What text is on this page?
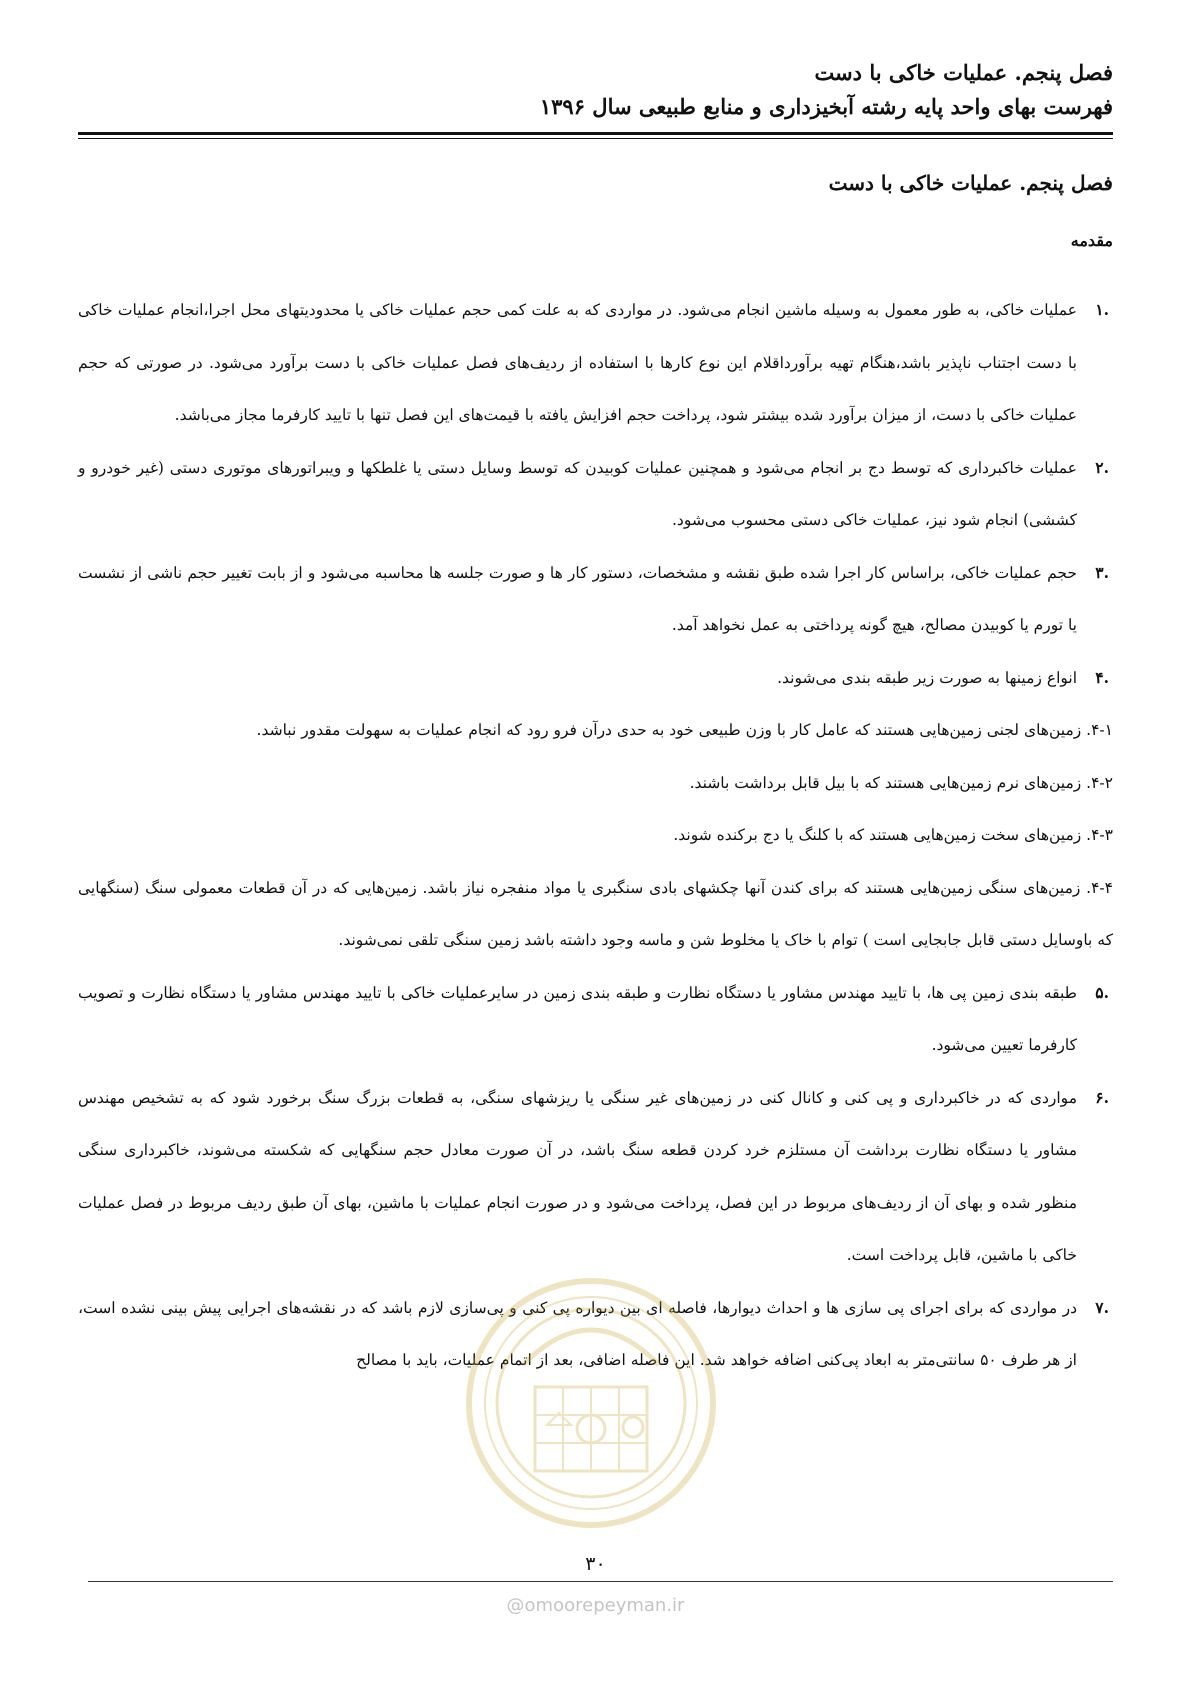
فصل پنجم. عملیات خاکی با دست
فهرست بهای واحد پایه رشته آبخیزداری و منابع طبیعی سال ۱۳۹۶
فصل پنجم. عملیات خاکی با دست
مقدمه

.۱
عملیات خاکی، به طور معمول به وسیله ماشین انجام می‌شود. در مواردی که به علت کمی حجم عملیات خاکی یا محدودیتهای محل اجرا،انجام عملیات خاکی با دست اجتناب ناپذیر باشد،هنگام تهیه برآورداقلام این نوع کارها با استفاده از ردیف‌های فصل عملیات خاکی با دست برآورد می‌شود. در صورتی که حجم عملیات خاکی با دست، از میزان برآورد شده بیشتر شود، پرداخت حجم افزایش یافته با قیمت‌های این فصل تنها با تایید کارفرما مجاز می‌باشد.

.۲
عملیات خاکبرداری که توسط دج بر انجام می‌شود و همچنین عملیات کوبیدن که توسط وسایل دستی یا غلطکها و ویبراتورهای موتوری دستی (غیر خودرو و کششی) انجام شود نیز، عملیات خاکی دستی محسوب می‌شود.

.۳
حجم عملیات خاکی، براساس کار اجرا شده طبق نقشه و مشخصات، دستور کار ها و صورت جلسه ها محاسبه می‌شود و از بابت تغییر حجم ناشی از نشست یا تورم یا کوبیدن مصالح، هیچ گونه پرداختی به عمل نخواهد آمد.

.۴
انواع زمینها به صورت زیر طبقه بندی می‌شوند.

۴-۱. زمین‌های لجنی زمین‌هایی هستند که عامل کار با وزن طبیعی خود به حدی درآن فرو رود که انجام عملیات به سهولت مقدور نباشد.

۴-۲. زمین‌های نرم زمین‌هایی هستند که با بیل قابل برداشت باشند.

۴-۳. زمین‌های سخت زمین‌هایی هستند که با کلنگ یا دج برکنده شوند.

۴-۴. زمین‌های سنگی زمین‌هایی هستند که برای کندن آنها چکشهای بادی سنگبری یا مواد منفجره نیاز باشد. زمین‌هایی که در آن قطعات معمولی سنگ (سنگهایی که باوسایل دستی قابل جابجایی است ) توام با خاک یا مخلوط شن و ماسه وجود داشته باشد زمین سنگی تلقی نمی‌شوند.

.۵
طبقه بندی زمین پی ها، با تایید مهندس مشاور یا دستگاه نظارت و طبقه بندی زمین در سایرعملیات خاکی با تایید مهندس مشاور یا دستگاه نظارت و تصویب کارفرما تعیین می‌شود.

.۶
مواردی که در خاکبرداری و پی کنی و کانال کنی در زمین‌های غیر سنگی یا ریزشهای سنگی، به قطعات بزرگ سنگ برخورد شود که به تشخیص مهندس مشاور یا دستگاه نظارت برداشت آن مستلزم خرد کردن قطعه سنگ باشد، در آن صورت معادل حجم سنگهایی که شکسته می‌شوند، خاکبرداری سنگی منظور شده و بهای آن از ردیف‌های مربوط در این فصل، پرداخت می‌شود و در صورت انجام عملیات با ماشین، بهای آن طبق ردیف مربوط در فصل عملیات خاکی با ماشین، قابل پرداخت است.

.۷
در مواردی که برای اجرای پی سازی ها و احداث دیوارها، فاصله ای بین دیواره پی کنی و پی‌سازی لازم باشد که در نقشه‌های اجرایی پیش بینی نشده است، از هر طرف ۵۰ سانتی‌متر به ابعاد پی‌کنی اضافه خواهد شد. این فاصله اضافی، بعد از اتمام عملیات، باید با مصالح

۳۰
@omoorepeyman.ir
